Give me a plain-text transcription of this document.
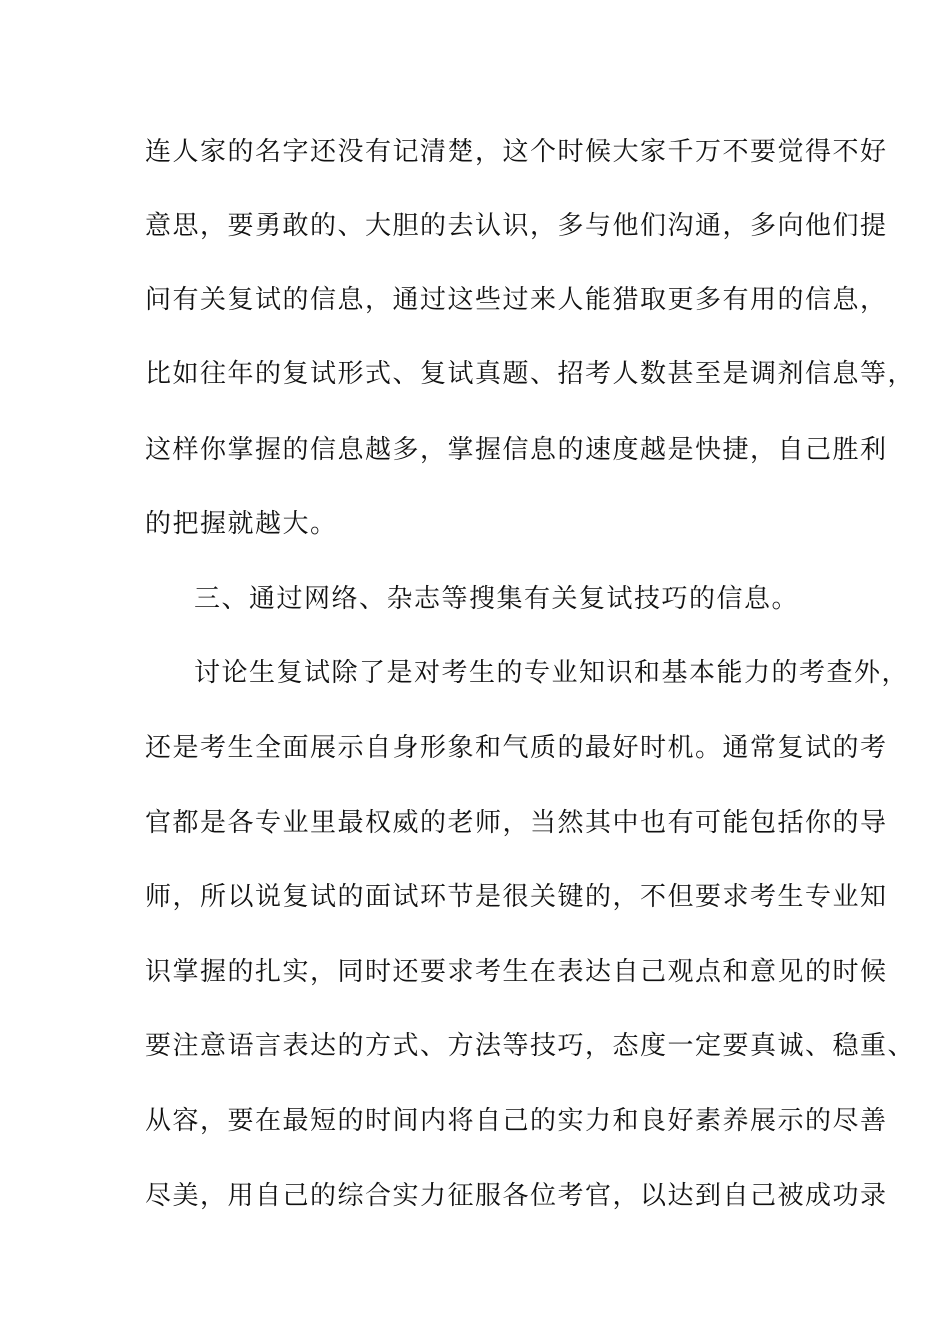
连人家的名字还没有记清楚，这个时候大家千万不要觉得不好
意思，要勇敢的、大胆的去认识，多与他们沟通，多向他们提
问有关复试的信息，通过这些过来人能猎取更多有用的信息，
比如往年的复试形式、复试真题、招考人数甚至是调剂信息等，
这样你掌握的信息越多，掌握信息的速度越是快捷，自己胜利
的把握就越大。
三、通过网络、杂志等搜集有关复试技巧的信息。
讨论生复试除了是对考生的专业知识和基本能力的考查外，
还是考生全面展示自身形象和气质的最好时机。通常复试的考
官都是各专业里最权威的老师，当然其中也有可能包括你的导
师，所以说复试的面试环节是很关键的，不但要求考生专业知
识掌握的扎实，同时还要求考生在表达自己观点和意见的时候
要注意语言表达的方式、方法等技巧，态度一定要真诚、稳重、
从容，要在最短的时间内将自己的实力和良好素养展示的尽善
尽美，用自己的综合实力征服各位考官，以达到自己被成功录
